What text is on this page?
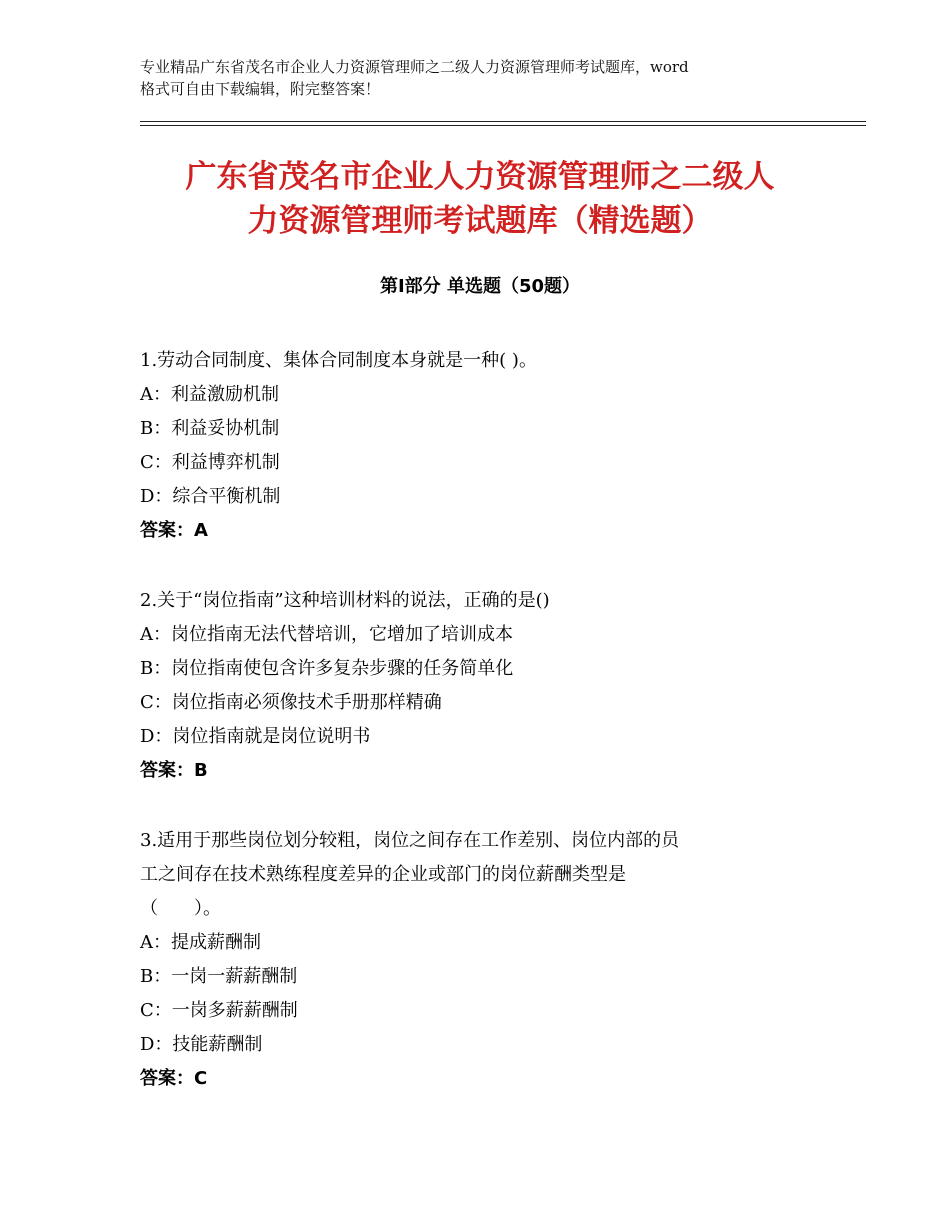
专业精品广东省茂名市企业人力资源管理师之二级人力资源管理师考试题库，word
格式可自由下载编辑，附完整答案！
广东省茂名市企业人力资源管理师之二级人
力资源管理师考试题库（精选题）
第Ⅰ部分 单选题（50题）

1.劳动合同制度、集体合同制度本身就是一种( )。

A：利益激励机制

B：利益妥协机制

C：利益博弈机制

D：综合平衡机制

答案：A

2.关于“岗位指南”这种培训材料的说法，正确的是()

A：岗位指南无法代替培训，它增加了培训成本

B：岗位指南使包含许多复杂步骤的任务简单化

C：岗位指南必须像技术手册那样精确

D：岗位指南就是岗位说明书

答案：B

3.适用于那些岗位划分较粗，岗位之间存在工作差别、岗位内部的员
工之间存在技术熟练程度差异的企业或部门的岗位薪酬类型是
（　　）。

A：提成薪酬制

B：一岗一薪薪酬制

C：一岗多薪薪酬制

D：技能薪酬制

答案：C
